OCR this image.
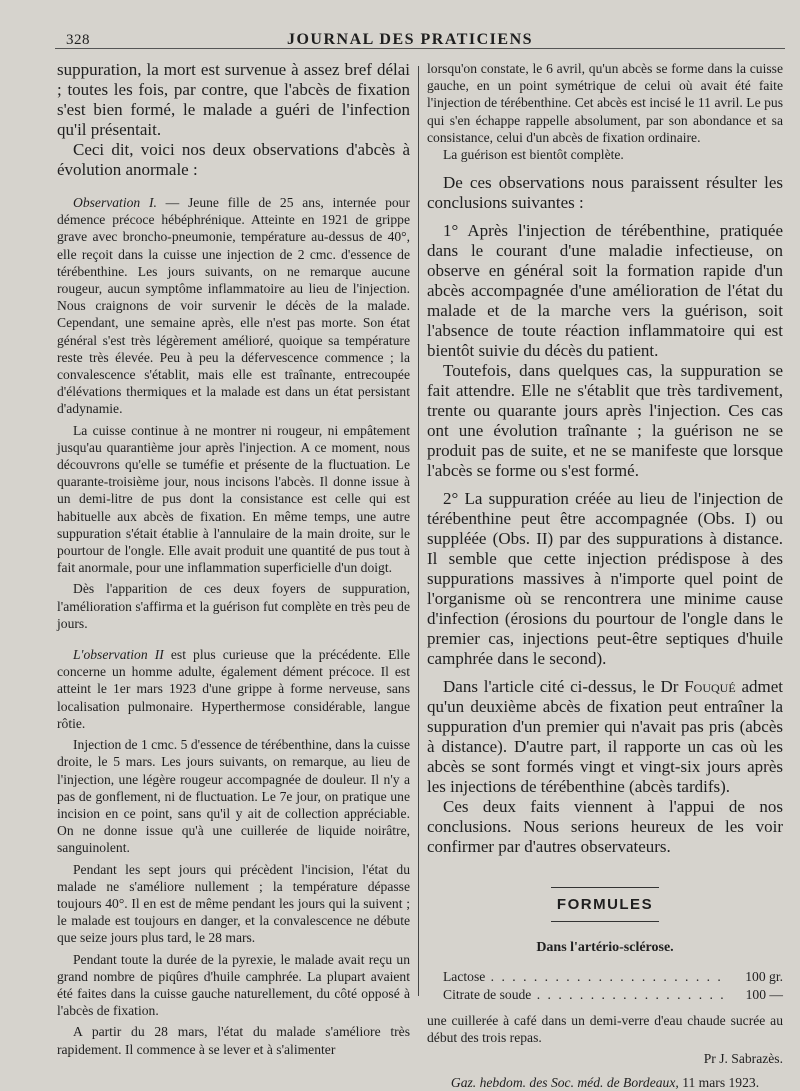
328	JOURNAL DES PRATICIENS

suppuration, la mort est survenue à assez bref délai ; toutes les fois, par contre, que l'abcès de fixation s'est bien formé, le malade a guéri de l'infection qu'il présentait.

Ceci dit, voici nos deux observations d'abcès à évolution anormale :

Observation I. — Jeune fille de 25 ans, internée pour démence précoce hébéphrénique. Atteinte en 1921 de grippe grave avec broncho-pneumonie, température au-dessus de 40°, elle reçoit dans la cuisse une injection de 2 cmc. d'essence de térébenthine. Les jours suivants, on ne remarque aucune rougeur, aucun symptôme inflammatoire au lieu de l'injection. Nous craignons de voir survenir le décès de la malade. Cependant, une semaine après, elle n'est pas morte. Son état général s'est très légèrement amélioré, quoique sa température reste très élevée. Peu à peu la défervescence commence ; la convalescence s'établit, mais elle est traînante, entrecoupée d'élévations thermiques et la malade est dans un état persistant d'adynamie.

La cuisse continue à ne montrer ni rougeur, ni empâtement jusqu'au quarantième jour après l'injection. A ce moment, nous découvrons qu'elle se tuméfie et présente de la fluctuation. Le quarante-troisième jour, nous incisons l'abcès. Il donne issue à un demi-litre de pus dont la consistance est celle qui est habituelle aux abcès de fixation. En même temps, une autre suppuration s'était établie à l'annulaire de la main droite, sur le pourtour de l'ongle. Elle avait produit une quantité de pus tout à fait anormale, pour une inflammation superficielle d'un doigt.

Dès l'apparition de ces deux foyers de suppuration, l'amélioration s'affirma et la guérison fut complète en très peu de jours.

L'observation II est plus curieuse que la précédente. Elle concerne un homme adulte, également dément précoce. Il est atteint le 1er mars 1923 d'une grippe à forme nerveuse, sans localisation pulmonaire. Hyperthermose considérable, langue rôtie.

Injection de 1 cmc. 5 d'essence de térébenthine, dans la cuisse droite, le 5 mars. Les jours suivants, on remarque, au lieu de l'injection, une légère rougeur accompagnée de douleur. Il n'y a pas de gonflement, ni de fluctuation. Le 7e jour, on pratique une incision en ce point, sans qu'il y ait de collection appréciable. On ne donne issue qu'à une cuillerée de liquide noirâtre, sanguinolent.

Pendant les sept jours qui précèdent l'incision, l'état du malade ne s'améliore nullement ; la température dépasse toujours 40°. Il en est de même pendant les jours qui la suivent ; le malade est toujours en danger, et la convalescence ne débute que seize jours plus tard, le 28 mars.

Pendant toute la durée de la pyrexie, le malade avait reçu un grand nombre de piqûres d'huile camphrée. La plupart avaient été faites dans la cuisse gauche naturellement, du côté opposé à l'abcès de fixation.

A partir du 28 mars, l'état du malade s'améliore très rapidement. Il commence à se lever et à s'alimenter

lorsqu'on constate, le 6 avril, qu'un abcès se forme dans la cuisse gauche, en un point symétrique de celui où avait été faite l'injection de térébenthine. Cet abcès est incisé le 11 avril. Le pus qui s'en échappe rappelle absolument, par son abondance et sa consistance, celui d'un abcès de fixation ordinaire.

La guérison est bientôt complète.

De ces observations nous paraissent résulter les conclusions suivantes :

1° Après l'injection de térébenthine, pratiquée dans le courant d'une maladie infectieuse, on observe en général soit la formation rapide d'un abcès accompagnée d'une amélioration de l'état du malade et de la marche vers la guérison, soit l'absence de toute réaction inflammatoire qui est bientôt suivie du décès du patient.

Toutefois, dans quelques cas, la suppuration se fait attendre. Elle ne s'établit que très tardivement, trente ou quarante jours après l'injection. Ces cas ont une évolution traînante ; la guérison ne se produit pas de suite, et ne se manifeste que lorsque l'abcès se forme ou s'est formé.

2° La suppuration créée au lieu de l'injection de térébenthine peut être accompagnée (Obs. I) ou suppléée (Obs. II) par des suppurations à distance. Il semble que cette injection prédispose à des suppurations massives à n'importe quel point de l'organisme où se rencontrera une minime cause d'infection (érosions du pourtour de l'ongle dans le premier cas, injections peut-être septiques d'huile camphrée dans le second).

Dans l'article cité ci-dessus, le Dr Fouqué admet qu'un deuxième abcès de fixation peut entraîner la suppuration d'un premier qui n'avait pas pris (abcès à distance). D'autre part, il rapporte un cas où les abcès se sont formés vingt et vingt-six jours après les injections de térébenthine (abcès tardifs).

Ces deux faits viennent à l'appui de nos conclusions. Nous serions heureux de les voir confirmer par d'autres observateurs.

FORMULES
Dans l'artério-sclérose.
Lactose . . .	100 gr.
Citrate de soude . . .	100 —

une cuillerée à café dans un demi-verre d'eau chaude sucrée au début des trois repas.

Pr J. Sabrazès.
Gaz. hebdom. des Soc. méd. de Bordeaux, 11 mars 1923.
